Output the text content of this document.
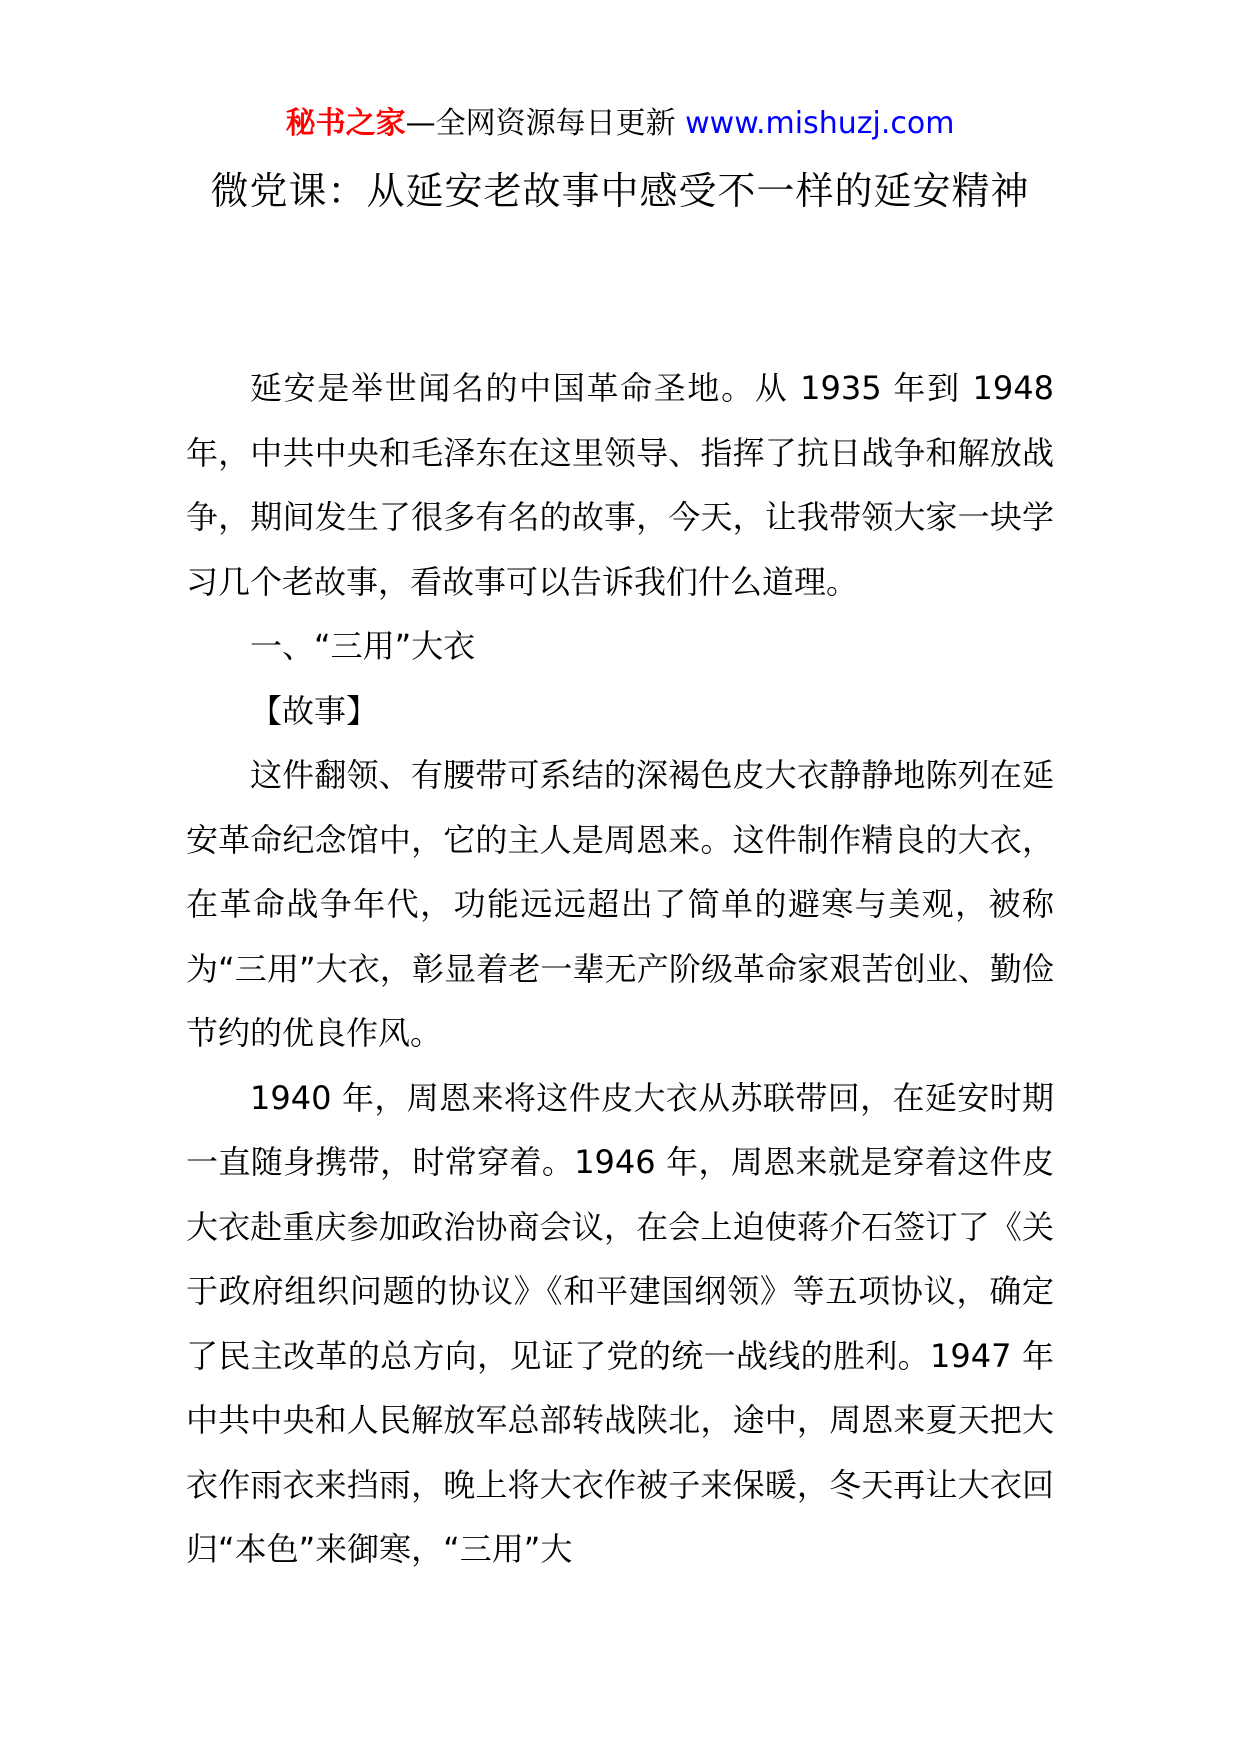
秘书之家—全网资源每日更新 www.mishuzj.com
微党课：从延安老故事中感受不一样的延安精神

延安是举世闻名的中国革命圣地。从 1935 年到 1948 年，中共中央和毛泽东在这里领导、指挥了抗日战争和解放战争，期间发生了很多有名的故事，今天，让我带领大家一块学习几个老故事，看故事可以告诉我们什么道理。

一、“三用”大衣

【故事】

这件翻领、有腰带可系结的深褐色皮大衣静静地陈列在延安革命纪念馆中，它的主人是周恩来。这件制作精良的大衣，在革命战争年代，功能远远超出了简单的避寒与美观，被称为“三用”大衣，彰显着老一辈无产阶级革命家艰苦创业、勤俭节约的优良作风。

1940 年，周恩来将这件皮大衣从苏联带回，在延安时期一直随身携带，时常穿着。1946 年，周恩来就是穿着这件皮大衣赴重庆参加政治协商会议，在会上迫使蒋介石签订了《关于政府组织问题的协议》《和平建国纲领》等五项协议，确定了民主改革的总方向，见证了党的统一战线的胜利。1947 年中共中央和人民解放军总部转战陕北，途中，周恩来夏天把大衣作雨衣来挡雨，晚上将大衣作被子来保暖，冬天再让大衣回归“本色”来御寒，“三用”大
